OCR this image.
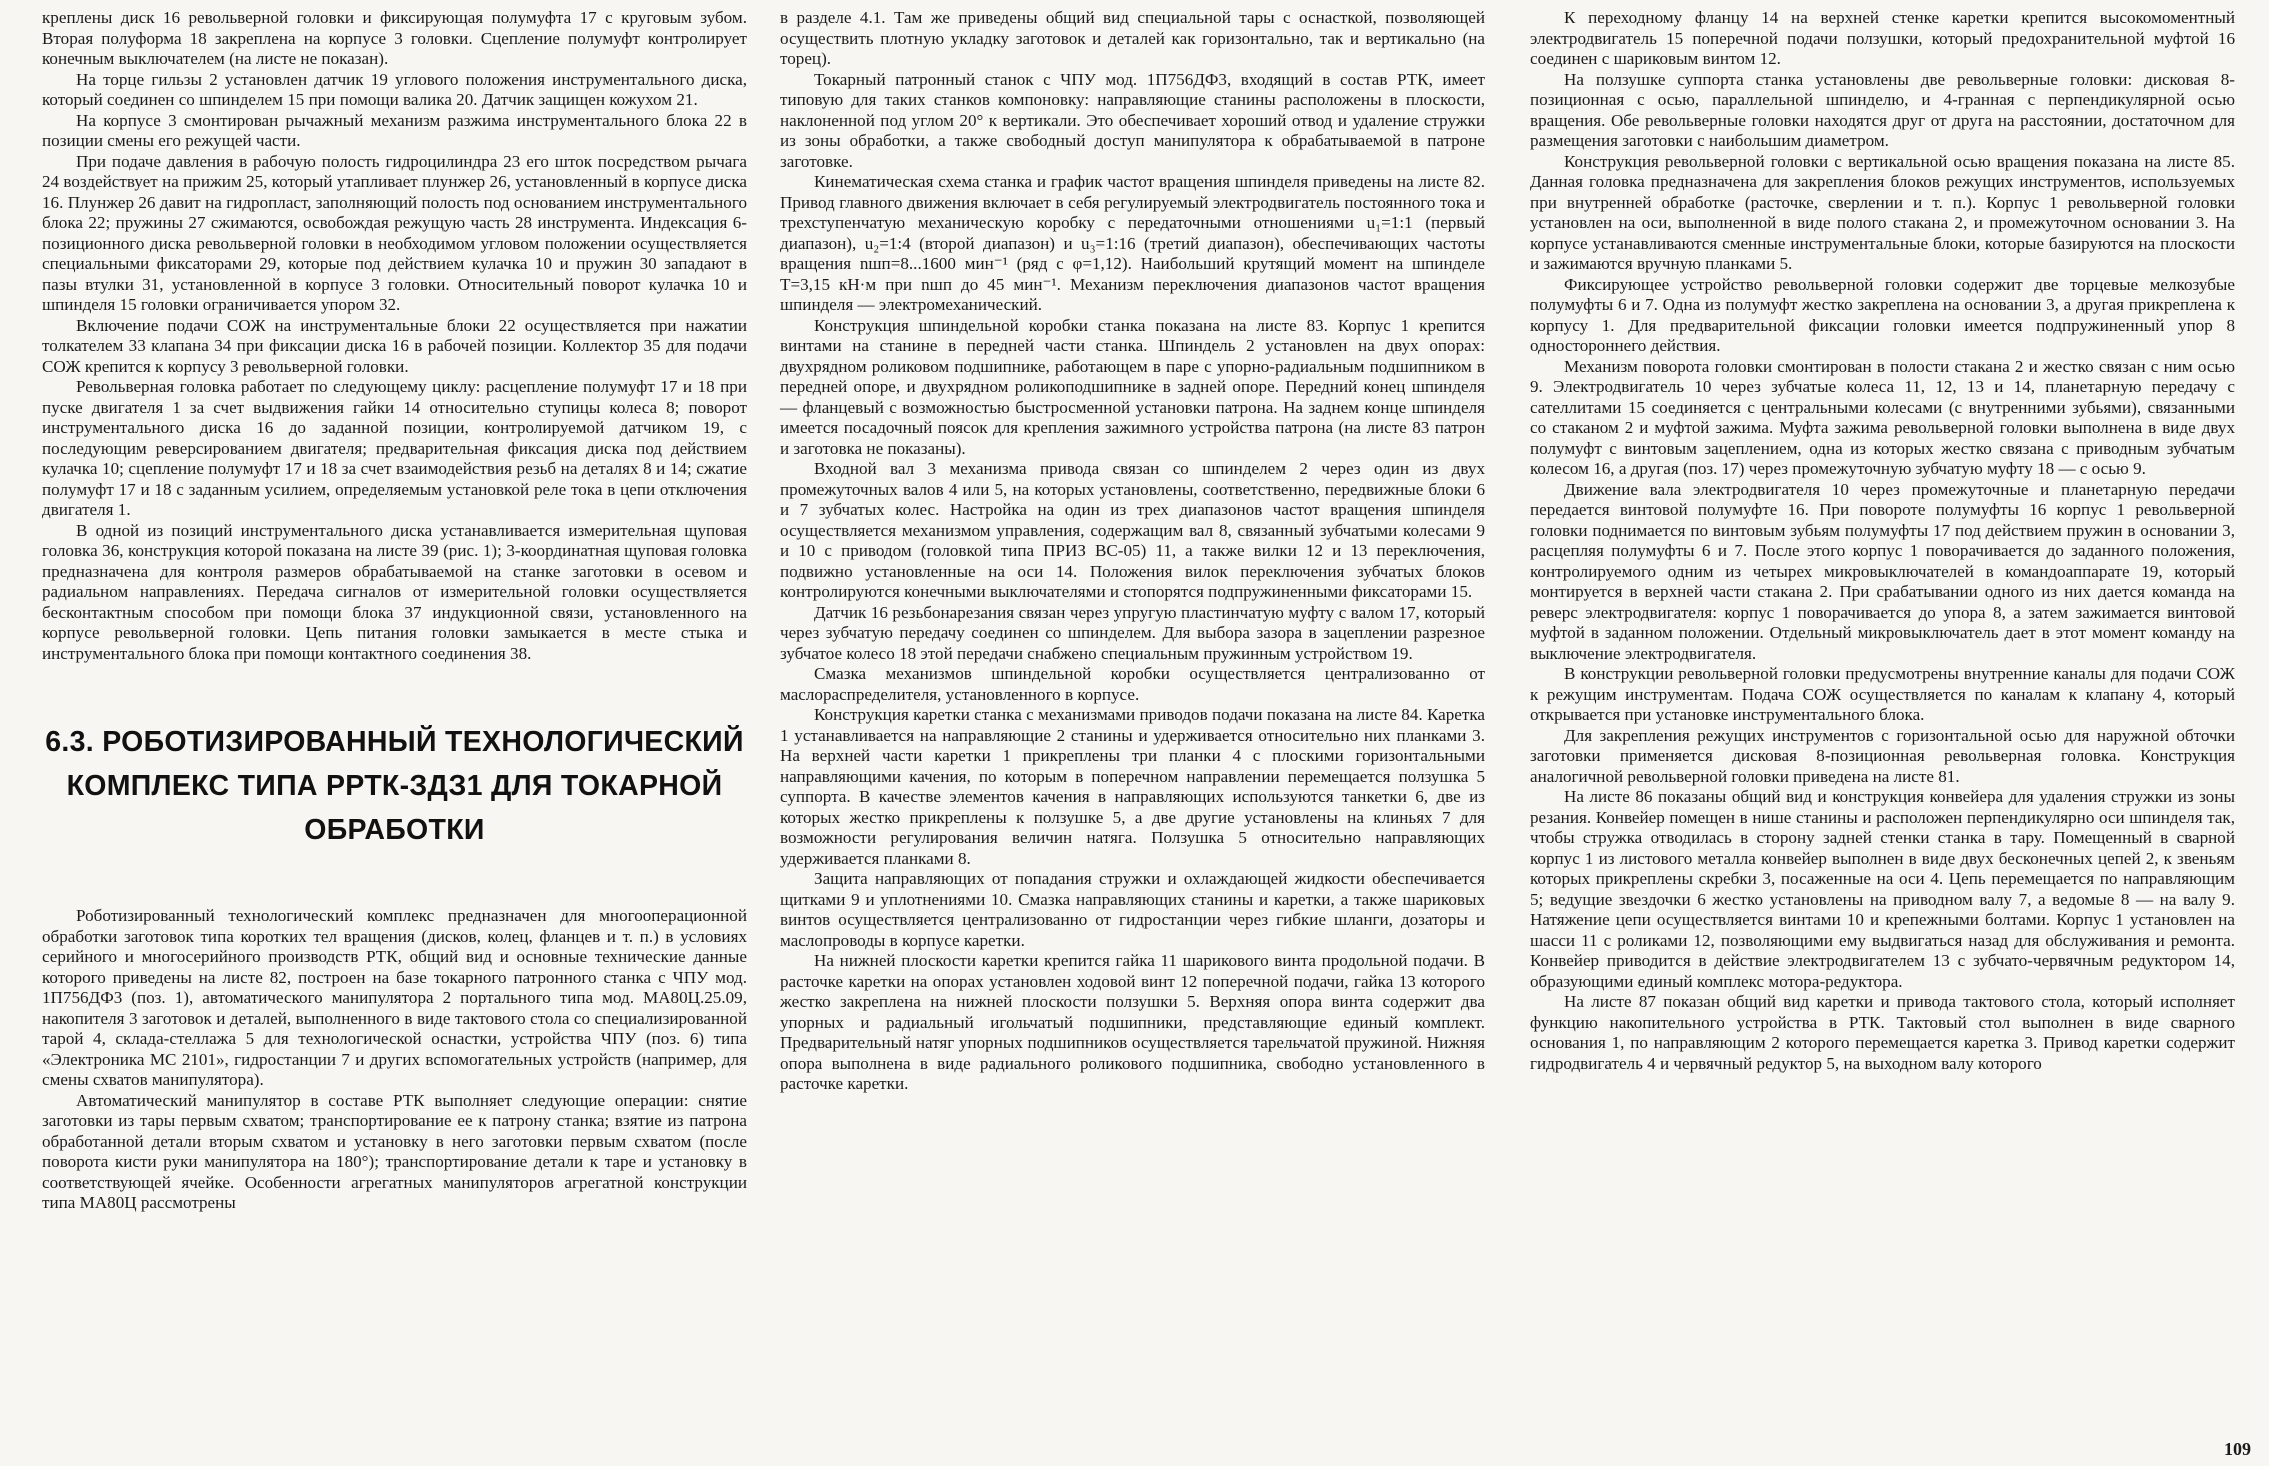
креплены диск 16 револьверной головки и фиксирующая полумуфта 17 с круговым зубом. Вторая полуформа 18 закреплена на корпусе 3 головки. Сцепление полумуфт контролирует конечным выключателем (на листе не показан).

На торце гильзы 2 установлен датчик 19 углового положения инструментального диска, который соединен со шпинделем 15 при помощи валика 20. Датчик защищен кожухом 21.

На корпусе 3 смонтирован рычажный механизм разжима инструментального блока 22 в позиции смены его режущей части.

При подаче давления в рабочую полость гидроцилиндра 23 его шток посредством рычага 24 воздействует на прижим 25, который утапливает плунжер 26, установленный в корпусе диска 16. Плунжер 26 давит на гидропласт, заполняющий полость под основанием инструментального блока 22; пружины 27 сжимаются, освобождая режущую часть 28 инструмента. Индексация 6-позиционного диска револьверной головки в необходимом угловом положении осуществляется специальными фиксаторами 29, которые под действием кулачка 10 и пружин 30 западают в пазы втулки 31, установленной в корпусе 3 головки. Относительный поворот кулачка 10 и шпинделя 15 головки ограничивается упором 32.

Включение подачи СОЖ на инструментальные блоки 22 осуществляется при нажатии толкателем 33 клапана 34 при фиксации диска 16 в рабочей позиции. Коллектор 35 для подачи СОЖ крепится к корпусу 3 револьверной головки.

Револьверная головка работает по следующему циклу: расцепление полумуфт 17 и 18 при пуске двигателя 1 за счет выдвижения гайки 14 относительно ступицы колеса 8; поворот инструментального диска 16 до заданной позиции, контролируемой датчиком 19, с последующим реверсированием двигателя; предварительная фиксация диска под действием кулачка 10; сцепление полумуфт 17 и 18 за счет взаимодействия резьб на деталях 8 и 14; сжатие полумуфт 17 и 18 с заданным усилием, определяемым установкой реле тока в цепи отключения двигателя 1.

В одной из позиций инструментального диска устанавливается измерительная щуповая головка 36, конструкция которой показана на листе 39 (рис. 1); 3-координатная щуповая головка предназначена для контроля размеров обрабатываемой на станке заготовки в осевом и радиальном направлениях. Передача сигналов от измерительной головки осуществляется бесконтактным способом при помощи блока 37 индукционной связи, установленного на корпусе револьверной головки. Цепь питания головки замыкается в месте стыка и инструментального блока при помощи контактного соединения 38.

6.3. РОБОТИЗИРОВАННЫЙ ТЕХНОЛОГИЧЕСКИЙ КОМПЛЕКС ТИПА РРТК-ЗДЗ1 ДЛЯ ТОКАРНОЙ ОБРАБОТКИ

Роботизированный технологический комплекс предназначен для многооперационной обработки заготовок типа коротких тел вращения (дисков, колец, фланцев и т. п.) в условиях серийного и многосерийного производств РТК, общий вид и основные технические данные которого приведены на листе 82, построен на базе токарного патронного станка с ЧПУ мод. 1П756ДФ3 (поз. 1), автоматического манипулятора 2 портального типа мод. МА80Ц.25.09, накопителя 3 заготовок и деталей, выполненного в виде тактового стола со специализированной тарой 4, склада-стеллажа 5 для технологической оснастки, устройства ЧПУ (поз. 6) типа «Электроника МС 2101», гидростанции 7 и других вспомогательных устройств (например, для смены схватов манипулятора).

Автоматический манипулятор в составе РТК выполняет следующие операции: снятие заготовки из тары первым схватом; транспортирование ее к патрону станка; взятие из патрона обработанной детали вторым схватом и установку в него заготовки первым схватом (после поворота кисти руки манипулятора на 180°); транспортирование детали к таре и установку в соответствующей ячейке. Особенности агрегатных манипуляторов агрегатной конструкции типа МА80Ц рассмотрены

в разделе 4.1. Там же приведены общий вид специальной тары с оснасткой, позволяющей осуществить плотную укладку заготовок и деталей как горизонтально, так и вертикально (на торец).

Токарный патронный станок с ЧПУ мод. 1П756ДФ3, входящий в состав РТК, имеет типовую для таких станков компоновку: направляющие станины расположены в плоскости, наклоненной под углом 20° к вертикали. Это обеспечивает хороший отвод и удаление стружки из зоны обработки, а также свободный доступ манипулятора к обрабатываемой в патроне заготовке.

Кинематическая схема станка и график частот вращения шпинделя приведены на листе 82. Привод главного движения включает в себя регулируемый электродвигатель постоянного тока и трехступенчатую механическую коробку с передаточными отношениями u₁=1:1 (первый диапазон), u₂=1:4 (второй диапазон) и u₃=1:16 (третий диапазон), обеспечивающих частоты вращения nшп=8...1600 мин⁻¹ (ряд с φ=1,12). Наибольший крутящий момент на шпинделе T=3,15 кН·м при nшп до 45 мин⁻¹. Механизм переключения диапазонов частот вращения шпинделя — электромеханический.

Конструкция шпиндельной коробки станка показана на листе 83. Корпус 1 крепится винтами на станине в передней части станка. Шпиндель 2 установлен на двух опорах: двухрядном роликовом подшипнике, работающем в паре с упорно-радиальным подшипником в передней опоре, и двухрядном роликоподшипнике в задней опоре. Передний конец шпинделя — фланцевый с возможностью быстросменной установки патрона. На заднем конце шпинделя имеется посадочный поясок для крепления зажимного устройства патрона (на листе 83 патрон и заготовка не показаны).

Входной вал 3 механизма привода связан со шпинделем 2 через один из двух промежуточных валов 4 или 5, на которых установлены, соответственно, передвижные блоки 6 и 7 зубчатых колес. Настройка на один из трех диапазонов частот вращения шпинделя осуществляется механизмом управления, содержащим вал 8, связанный зубчатыми колесами 9 и 10 с приводом (головкой типа ПРИЗ ВС-05) 11, а также вилки 12 и 13 переключения, подвижно установленные на оси 14. Положения вилок переключения зубчатых блоков контролируются конечными выключателями и стопорятся подпружиненными фиксаторами 15.

Датчик 16 резьбонарезания связан через упругую пластинчатую муфту с валом 17, который через зубчатую передачу соединен со шпинделем. Для выбора зазора в зацеплении разрезное зубчатое колесо 18 этой передачи снабжено специальным пружинным устройством 19.

Смазка механизмов шпиндельной коробки осуществляется централизованно от маслораспределителя, установленного в корпусе.

Конструкция каретки станка с механизмами приводов подачи показана на листе 84. Каретка 1 устанавливается на направляющие 2 станины и удерживается относительно них планками 3. На верхней части каретки 1 прикреплены три планки 4 с плоскими горизонтальными направляющими качения, по которым в поперечном направлении перемещается ползушка 5 суппорта. В качестве элементов качения в направляющих используются танкетки 6, две из которых жестко прикреплены к ползушке 5, а две другие установлены на клиньях 7 для возможности регулирования величин натяга. Ползушка 5 относительно направляющих удерживается планками 8.

Защита направляющих от попадания стружки и охлаждающей жидкости обеспечивается щитками 9 и уплотнениями 10. Смазка направляющих станины и каретки, а также шариковых винтов осуществляется централизованно от гидростанции через гибкие шланги, дозаторы и маслопроводы в корпусе каретки.

На нижней плоскости каретки крепится гайка 11 шарикового винта продольной подачи. В расточке каретки на опорах установлен ходовой винт 12 поперечной подачи, гайка 13 которого жестко закреплена на нижней плоскости ползушки 5. Верхняя опора винта содержит два упорных и радиальный игольчатый подшипники, представляющие единый комплект. Предварительный натяг упорных подшипников осуществляется тарельчатой пружиной. Нижняя опора выполнена в виде радиального роликового подшипника, свободно установленного в расточке каретки.

К переходному фланцу 14 на верхней стенке каретки крепится высокомоментный электродвигатель 15 поперечной подачи ползушки, который предохранительной муфтой 16 соединен с шариковым винтом 12.

На ползушке суппорта станка установлены две револьверные головки: дисковая 8-позиционная с осью, параллельной шпинделю, и 4-гранная с перпендикулярной осью вращения. Обе револьверные головки находятся друг от друга на расстоянии, достаточном для размещения заготовки с наибольшим диаметром.

Конструкция револьверной головки с вертикальной осью вращения показана на листе 85. Данная головка предназначена для закрепления блоков режущих инструментов, используемых при внутренней обработке (расточке, сверлении и т. п.). Корпус 1 револьверной головки установлен на оси, выполненной в виде полого стакана 2, и промежуточном основании 3. На корпусе устанавливаются сменные инструментальные блоки, которые базируются на плоскости и зажимаются вручную планками 5.

Фиксирующее устройство револьверной головки содержит две торцевые мелкозубые полумуфты 6 и 7. Одна из полумуфт жестко закреплена на основании 3, а другая прикреплена к корпусу 1. Для предварительной фиксации головки имеется подпружиненный упор 8 одностороннего действия.

Механизм поворота головки смонтирован в полости стакана 2 и жестко связан с ним осью 9. Электродвигатель 10 через зубчатые колеса 11, 12, 13 и 14, планетарную передачу с сателлитами 15 соединяется с центральными колесами (с внутренними зубьями), связанными со стаканом 2 и муфтой зажима. Муфта зажима револьверной головки выполнена в виде двух полумуфт с винтовым зацеплением, одна из которых жестко связана с приводным зубчатым колесом 16, а другая (поз. 17) через промежуточную зубчатую муфту 18 — с осью 9.

Движение вала электродвигателя 10 через промежуточные и планетарную передачи передается винтовой полумуфте 16. При повороте полумуфты 16 корпус 1 револьверной головки поднимается по винтовым зубьям полумуфты 17 под действием пружин в основании 3, расцепляя полумуфты 6 и 7. После этого корпус 1 поворачивается до заданного положения, контролируемого одним из четырех микровыключателей в командоаппарате 19, который монтируется в верхней части стакана 2. При срабатывании одного из них дается команда на реверс электродвигателя: корпус 1 поворачивается до упора 8, а затем зажимается винтовой муфтой в заданном положении. Отдельный микровыключатель дает в этот момент команду на выключение электродвигателя.

В конструкции револьверной головки предусмотрены внутренние каналы для подачи СОЖ к режущим инструментам. Подача СОЖ осуществляется по каналам к клапану 4, который открывается при установке инструментального блока.

Для закрепления режущих инструментов с горизонтальной осью для наружной обточки заготовки применяется дисковая 8-позиционная револьверная головка. Конструкция аналогичной револьверной головки приведена на листе 81.

На листе 86 показаны общий вид и конструкция конвейера для удаления стружки из зоны резания. Конвейер помещен в нише станины и расположен перпендикулярно оси шпинделя так, чтобы стружка отводилась в сторону задней стенки станка в тару. Помещенный в сварной корпус 1 из листового металла конвейер выполнен в виде двух бесконечных цепей 2, к звеньям которых прикреплены скребки 3, посаженные на оси 4. Цепь перемещается по направляющим 5; ведущие звездочки 6 жестко установлены на приводном валу 7, а ведомые 8 — на валу 9. Натяжение цепи осуществляется винтами 10 и крепежными болтами. Корпус 1 установлен на шасси 11 с роликами 12, позволяющими ему выдвигаться назад для обслуживания и ремонта. Конвейер приводится в действие электродвигателем 13 с зубчато-червячным редуктором 14, образующими единый комплекс мотора-редуктора.

На листе 87 показан общий вид каретки и привода тактового стола, который исполняет функцию накопительного устройства в РТК. Тактовый стол выполнен в виде сварного основания 1, по направляющим 2 которого перемещается каретка 3. Привод каретки содержит гидродвигатель 4 и червячный редуктор 5, на выходном валу которого

109
